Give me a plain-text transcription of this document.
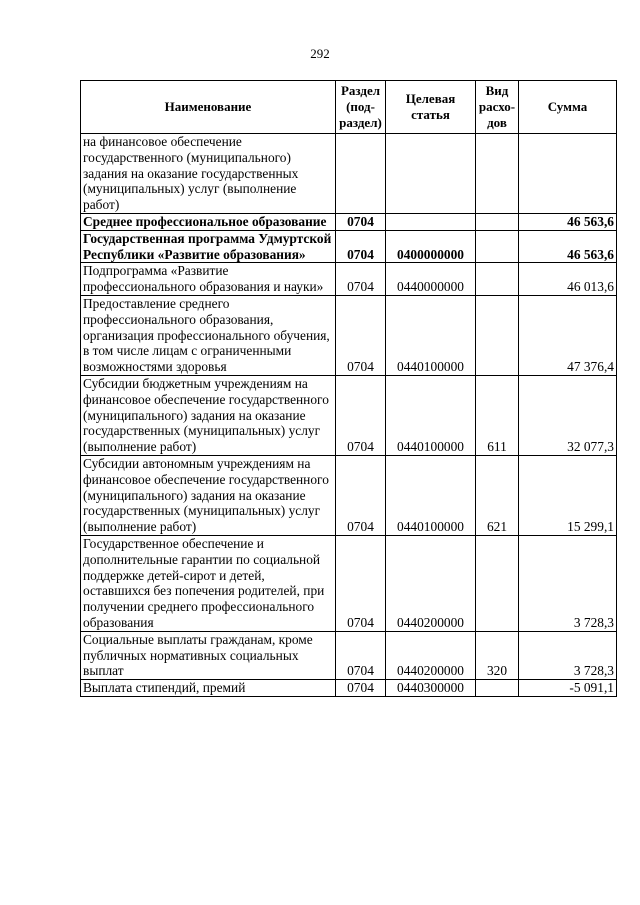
292
Наименование	Раздел (под-раздел)	Целевая статья	Вид расхо-дов	Сумма
на финансовое обеспечение государственного (муниципального) задания на оказание государственных (муниципальных) услуг (выполнение работ)				
Среднее профессиональное образование	0704			46 563,6
Государственная программа Удмуртской Республики «Развитие образования»	0704	0400000000		46 563,6
Подпрограмма «Развитие профессионального образования и науки»	0704	0440000000		46 013,6
Предоставление среднего профессионального образования, организация профессионального обучения, в том числе лицам с ограниченными возможностями здоровья	0704	0440100000		47 376,4
Субсидии бюджетным учреждениям на финансовое обеспечение государственного (муниципального) задания на оказание государственных (муниципальных) услуг (выполнение работ)	0704	0440100000	611	32 077,3
Субсидии автономным учреждениям на финансовое обеспечение государственного (муниципального) задания на оказание государственных (муниципальных) услуг (выполнение работ)	0704	0440100000	621	15 299,1
Государственное обеспечение и дополнительные гарантии по социальной поддержке детей-сирот и детей, оставшихся без попечения родителей, при получении среднего профессионального образования	0704	0440200000		3 728,3
Социальные выплаты гражданам, кроме публичных нормативных социальных выплат	0704	0440200000	320	3 728,3
Выплата стипендий, премий	0704	0440300000		-5 091,1
